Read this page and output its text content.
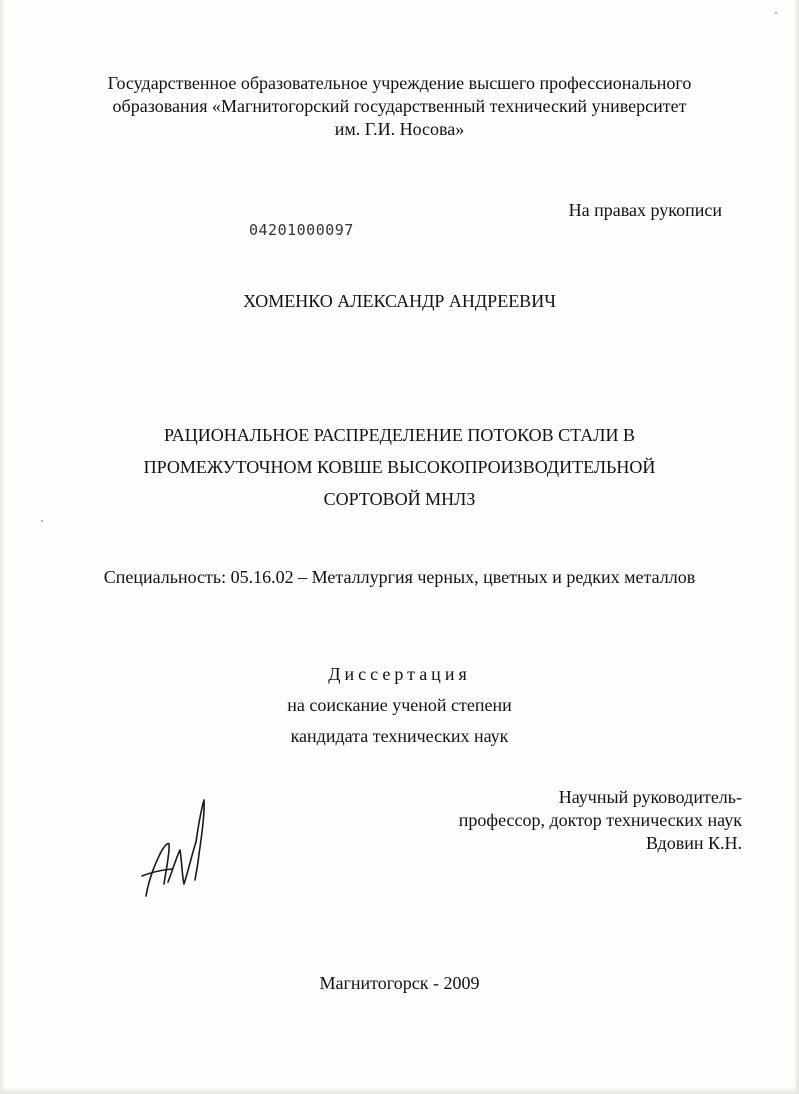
Государственное образовательное учреждение высшего профессионального
образования «Магнитогорский государственный технический университет
им. Г.И. Носова»
На правах рукописи
04201000097
ХОМЕНКО АЛЕКСАНДР АНДРЕЕВИЧ
РАЦИОНАЛЬНОЕ РАСПРЕДЕЛЕНИЕ ПОТОКОВ СТАЛИ В
ПРОМЕЖУТОЧНОМ КОВШЕ ВЫСОКОПРОИЗВОДИТЕЛЬНОЙ
СОРТОВОЙ МНЛЗ
Специальность: 05.16.02 – Металлургия черных, цветных и редких металлов
Диссертация
на соискание ученой степени
кандидата технических наук
Научный руководитель-
профессор, доктор технических наук
Вдовин К.Н.
Магнитогорск - 2009
